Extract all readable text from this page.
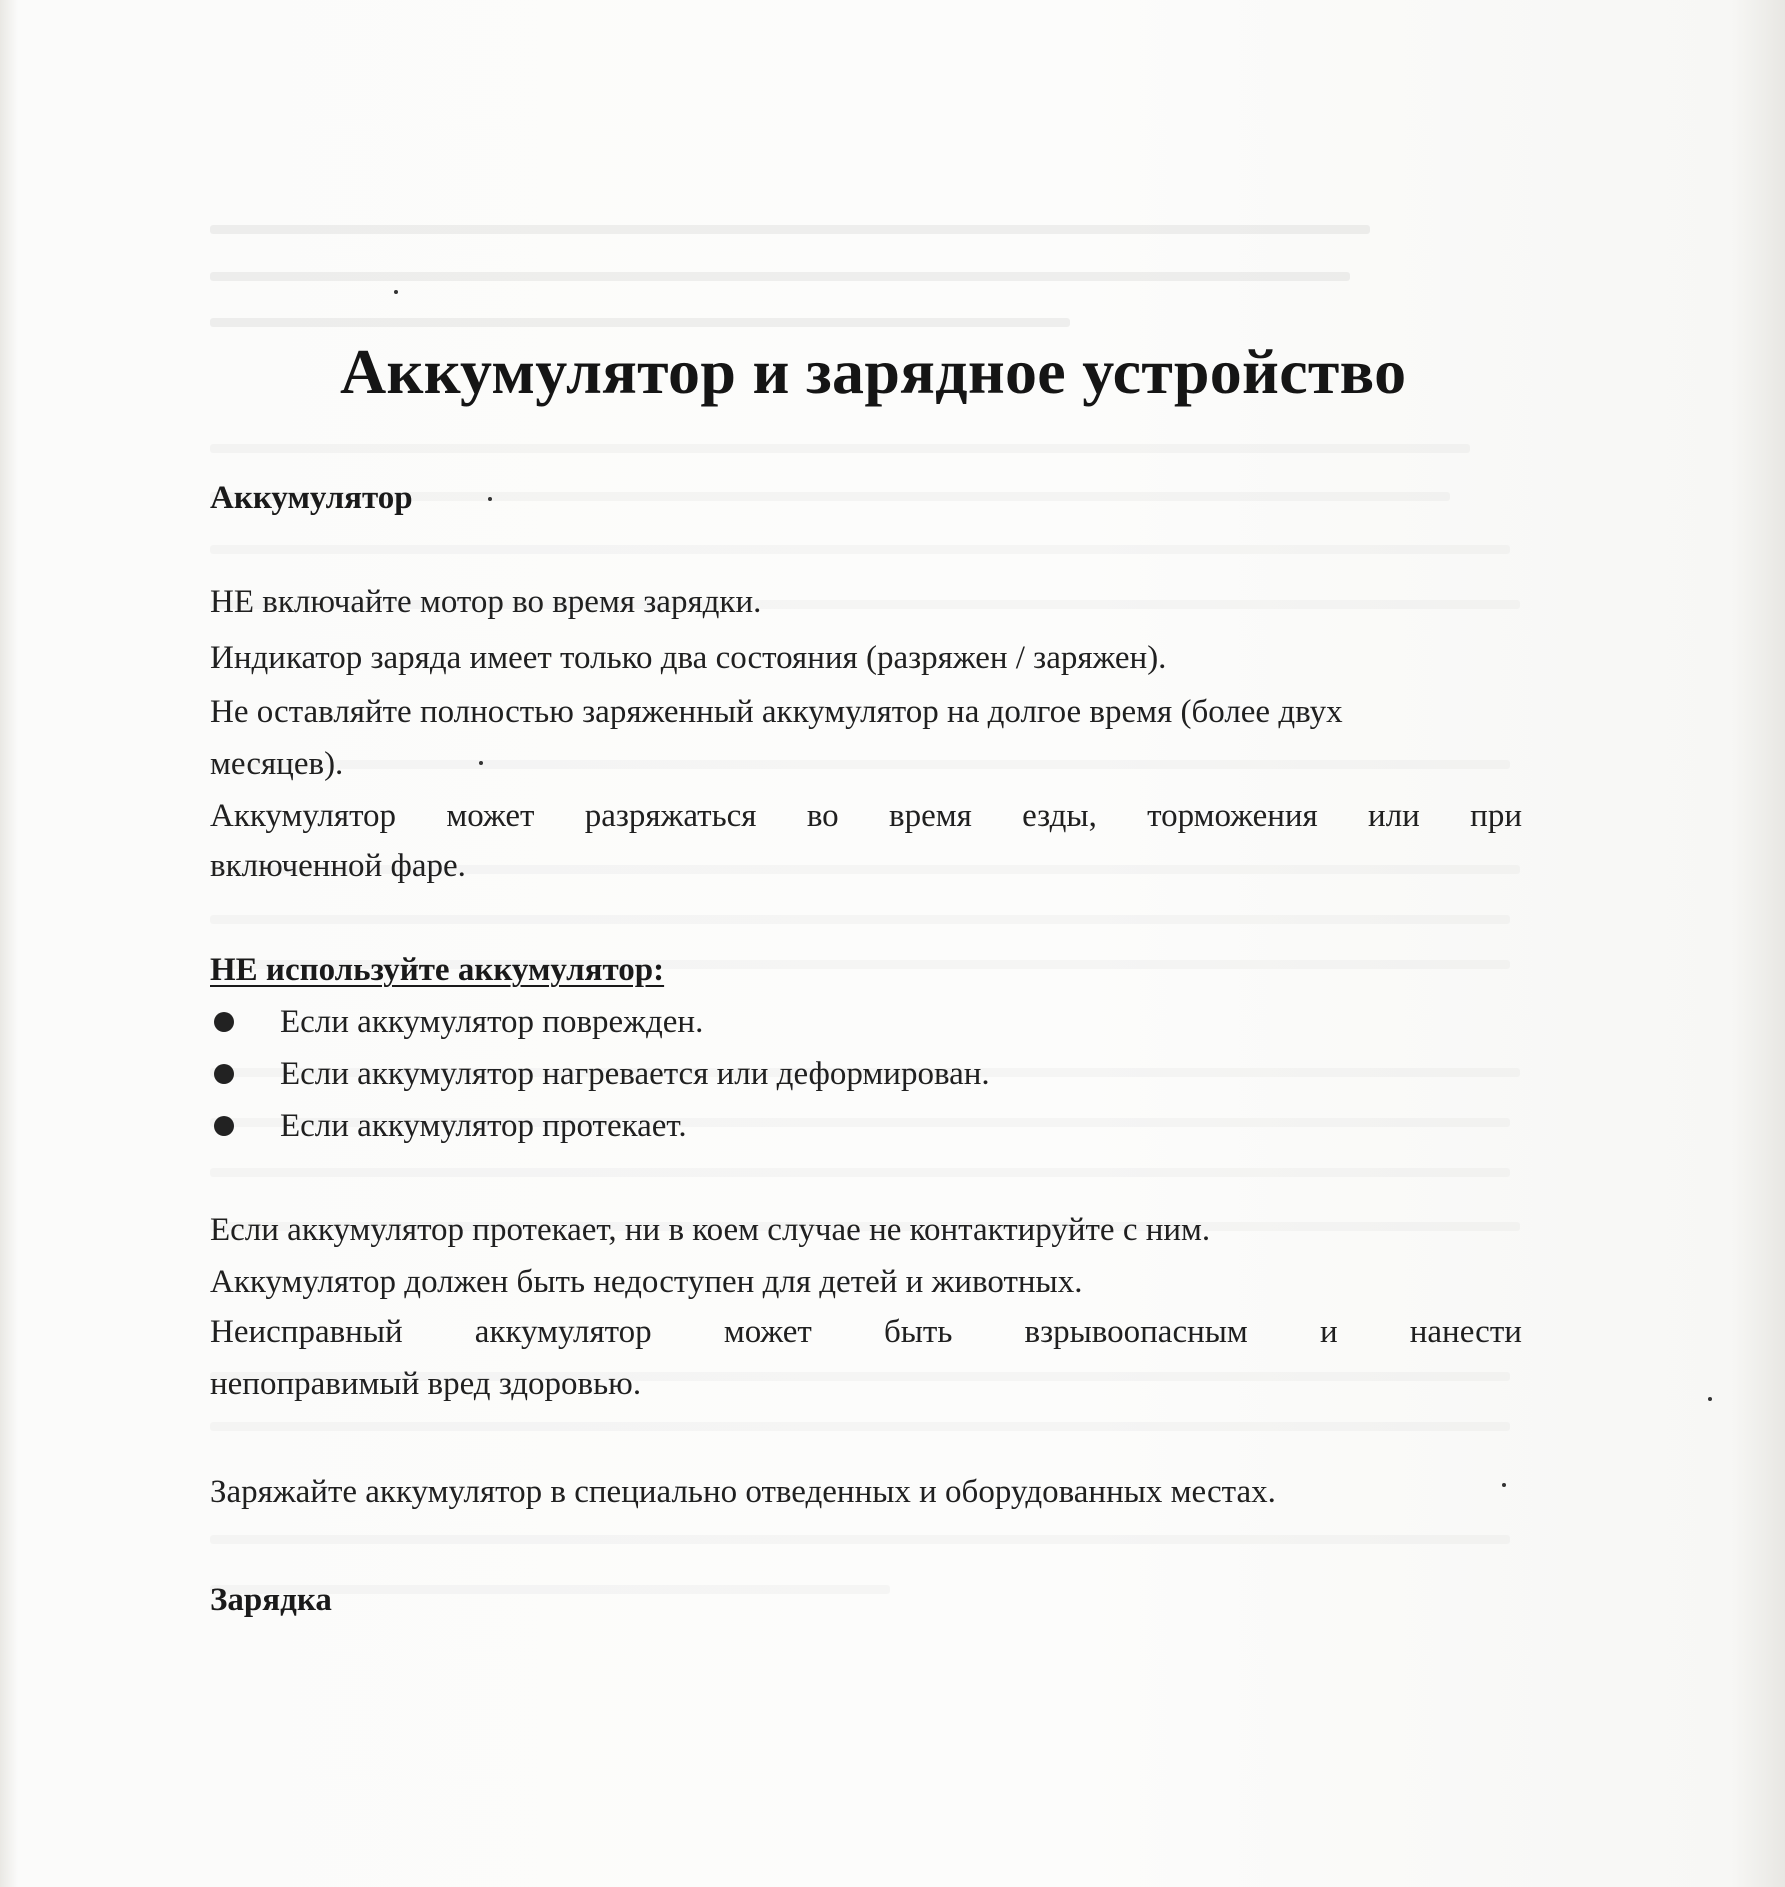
Аккумулятор и зарядное устройство
Аккумулятор

НЕ включайте мотор во время зарядки.

Индикатор заряда имеет только два состояния (разряжен / заряжен).

Не оставляйте полностью заряженный аккумулятор на долгое время (более двух

месяцев).

Аккумулятор может разряжаться во время езды, торможения или при

включенной фаре.

НЕ используйте аккумулятор:
Если аккумулятор поврежден.
Если аккумулятор нагревается или деформирован.
Если аккумулятор протекает.

Если аккумулятор протекает, ни в коем случае не контактируйте с ним.

Аккумулятор должен быть недоступен для детей и животных.

Неисправный аккумулятор может быть взрывоопасным и нанести

непоправимый вред здоровью.

Заряжайте аккумулятор в специально отведенных и оборудованных местах.

Зарядка
